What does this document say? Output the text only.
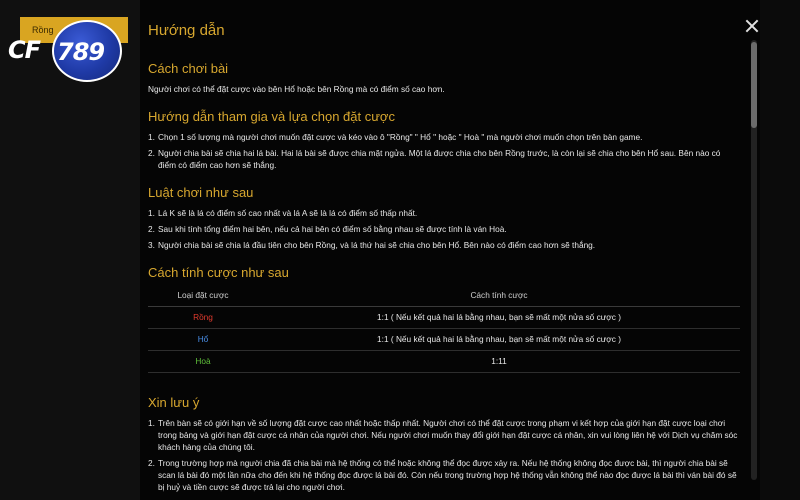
Rồng
CF 789
Hướng dẫn
Cách chơi bài

Người chơi có thể đặt cược vào bên Hổ hoặc bên Rồng mà có điểm số cao hơn.

Hướng dẫn tham gia và lựa chọn đặt cược
Chọn 1 số lượng mà người chơi muốn đặt cược và kéo vào ô "Rồng" " Hổ " hoặc " Hoà " mà người chơi muốn chọn trên bàn game.
Người chia bài sẽ chia hai lá bài. Hai lá bài sẽ được chia mặt ngửa. Một lá được chia cho bên Rồng trước, là còn lại sẽ chia cho bên Hổ sau. Bên nào có điểm có điểm cao hơn sẽ thắng.
Luật chơi như sau
Lá K sẽ là lá có điểm số cao nhất và lá A sẽ là lá có điểm số thấp nhất.
Sau khi tính tổng điểm hai bên, nếu cả hai bên có điểm số bằng nhau sẽ được tính là ván Hoà.
Người chia bài sẽ chia lá đầu tiên cho bên Rồng, và lá thứ hai sẽ chia cho bên Hổ. Bên nào có điểm cao hơn sẽ thắng.
Cách tính cược như sau
Loại đặt cược	Cách tính cược
Rồng	1:1 ( Nếu kết quả hai lá bằng nhau, bạn sẽ mất một nửa số cược )
Hổ	1:1 ( Nếu kết quả hai lá bằng nhau, bạn sẽ mất một nửa số cược )
Hoà	1:11
Xin lưu ý
Trên bàn sẽ có giới hạn về số lượng đặt cược cao nhất hoặc thấp nhất. Người chơi có thể đặt cược trong phạm vi kết hợp của giới hạn đặt cược loại chơi trong bảng và giới hạn đặt cược cá nhân của người chơi. Nếu người chơi muốn thay đổi giới hạn đặt cược cá nhân, xin vui lòng liên hệ với Dịch vụ chăm sóc khách hàng của chúng tôi.
Trong trường hợp mà người chia đã chia bài mà hệ thống có thể hoặc không thể đọc được xảy ra. Nếu hệ thống không đọc được bài, thì người chia bài sẽ scan lá bài đó một lần nữa cho đến khi hệ thống đọc được lá bài đó. Còn nếu trong trường hợp hệ thống vẫn không thể nào đọc được lá bài thì ván bài đó sẽ bị huỷ và tiền cược sẽ được trả lại cho người chơi.
